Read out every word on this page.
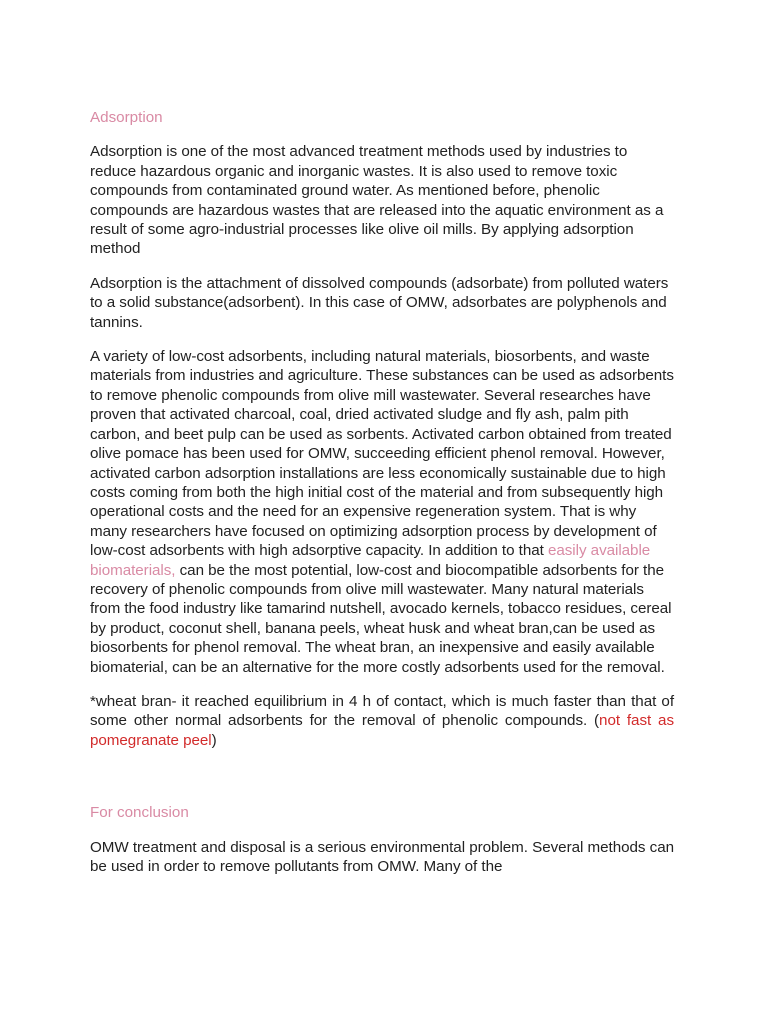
Adsorption

Adsorption is one of the most advanced treatment methods used by industries to reduce hazardous organic and inorganic wastes. It is also used to remove toxic compounds from contaminated ground water. As mentioned before, phenolic compounds are hazardous wastes that are released into the aquatic environment as a result of some agro-industrial processes like olive oil mills. By applying adsorption method

Adsorption is the attachment of dissolved compounds (adsorbate) from polluted waters to a solid substance(adsorbent). In this case of OMW, adsorbates are polyphenols and tannins.

A variety of low-cost adsorbents, including natural materials, biosorbents, and waste materials from industries and agriculture. These substances can be used as adsorbents to remove phenolic compounds from olive mill wastewater. Several researches have proven that activated charcoal, coal, dried activated sludge and fly ash, palm pith carbon, and beet pulp can be used as sorbents. Activated carbon obtained from treated olive pomace has been used for OMW, succeeding efficient phenol removal. However, activated carbon adsorption installations are less economically sustainable due to high costs coming from both the high initial cost of the material and from subsequently high operational costs and the need for an expensive regeneration system. That is why many researchers have focused on optimizing adsorption process by development of low-cost adsorbents with high adsorptive capacity. In addition to that easily available biomaterials, can be the most potential, low-cost and biocompatible adsorbents for the recovery of phenolic compounds from olive mill wastewater. Many natural materials from the food industry like tamarind nutshell, avocado kernels, tobacco residues, cereal by product, coconut shell, banana peels, wheat husk and wheat bran,can be used as biosorbents for phenol removal. The wheat bran, an inexpensive and easily available biomaterial, can be an alternative for the more costly adsorbents used for the removal.

*wheat bran- it reached equilibrium in 4 h of contact, which is much faster than that of some other normal adsorbents for the removal of phenolic compounds. (not fast as pomegranate peel)

For conclusion

OMW treatment and disposal is a serious environmental problem. Several methods can be used in order to remove pollutants from OMW. Many of the
